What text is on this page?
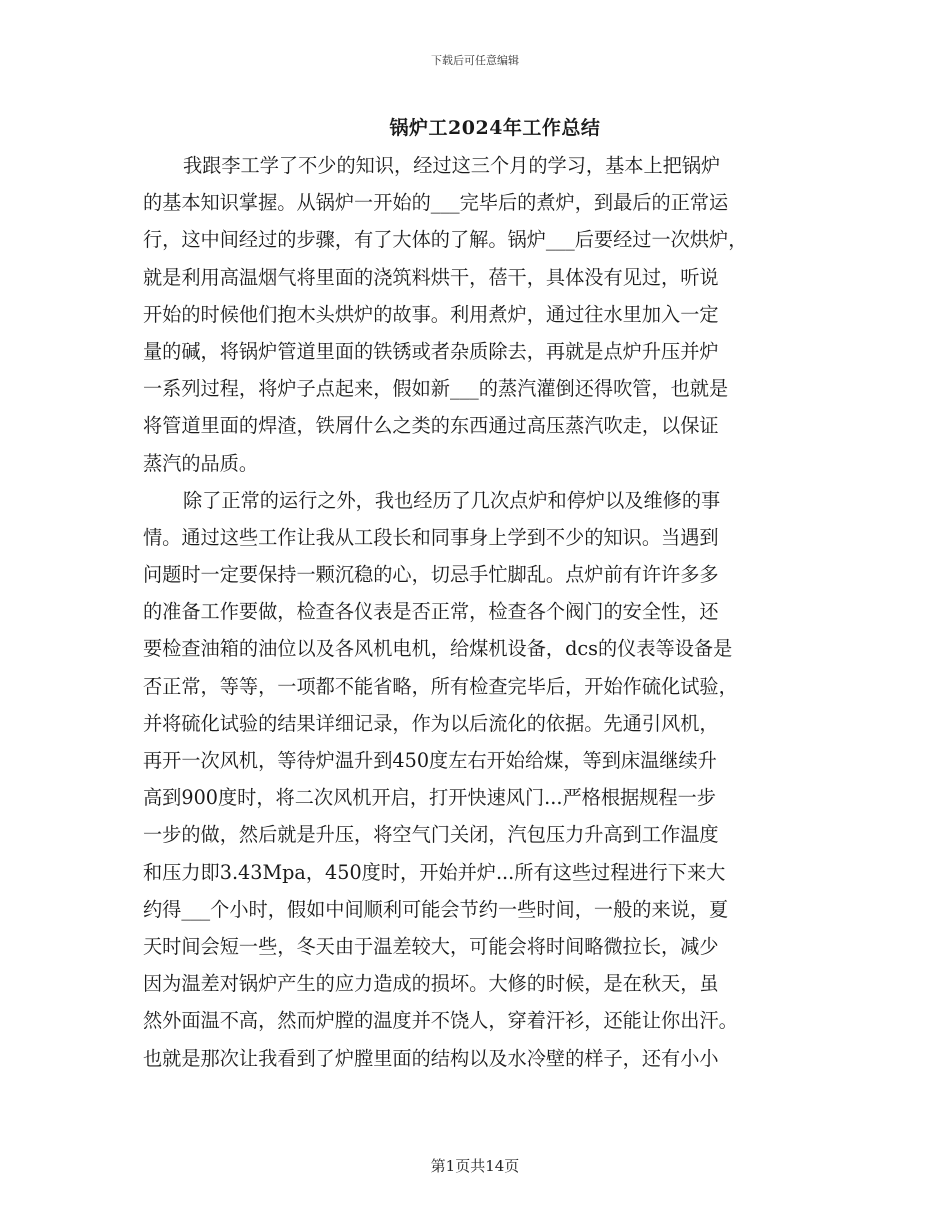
下载后可任意编辑
锅炉工2024年工作总结
我跟李工学了不少的知识，经过这三个月的学习，基本上把锅炉
的基本知识掌握。从锅炉一开始的___完毕后的煮炉，到最后的正常运
行，这中间经过的步骤，有了大体的了解。锅炉___后要经过一次烘炉，
就是利用高温烟气将里面的浇筑料烘干，蓓干，具体没有见过，听说
开始的时候他们抱木头烘炉的故事。利用煮炉，通过往水里加入一定
量的碱，将锅炉管道里面的铁锈或者杂质除去，再就是点炉升压并炉
一系列过程，将炉子点起来，假如新___的蒸汽灌倒还得吹管，也就是
将管道里面的焊渣，铁屑什么之类的东西通过高压蒸汽吹走，以保证
蒸汽的品质。
除了正常的运行之外，我也经历了几次点炉和停炉以及维修的事
情。通过这些工作让我从工段长和同事身上学到不少的知识。当遇到
问题时一定要保持一颗沉稳的心，切忌手忙脚乱。点炉前有许许多多
的准备工作要做，检查各仪表是否正常，检查各个阀门的安全性，还
要检查油箱的油位以及各风机电机，给煤机设备，dcs的仪表等设备是
否正常，等等，一项都不能省略，所有检查完毕后，开始作硫化试验，
并将硫化试验的结果详细记录，作为以后流化的依据。先通引风机，
再开一次风机，等待炉温升到450度左右开始给煤，等到床温继续升
高到900度时，将二次风机开启，打开快速风门...严格根据规程一步
一步的做，然后就是升压，将空气门关闭，汽包压力升高到工作温度
和压力即3.43Mpa，450度时，开始并炉...所有这些过程进行下来大
约得___个小时，假如中间顺利可能会节约一些时间，一般的来说，夏
天时间会短一些，冬天由于温差较大，可能会将时间略微拉长，减少
因为温差对锅炉产生的应力造成的损坏。大修的时候，是在秋天，虽
然外面温不高，然而炉膛的温度并不饶人，穿着汗衫，还能让你出汗。
也就是那次让我看到了炉膛里面的结构以及水冷壁的样子，还有小小
第1页共14页
